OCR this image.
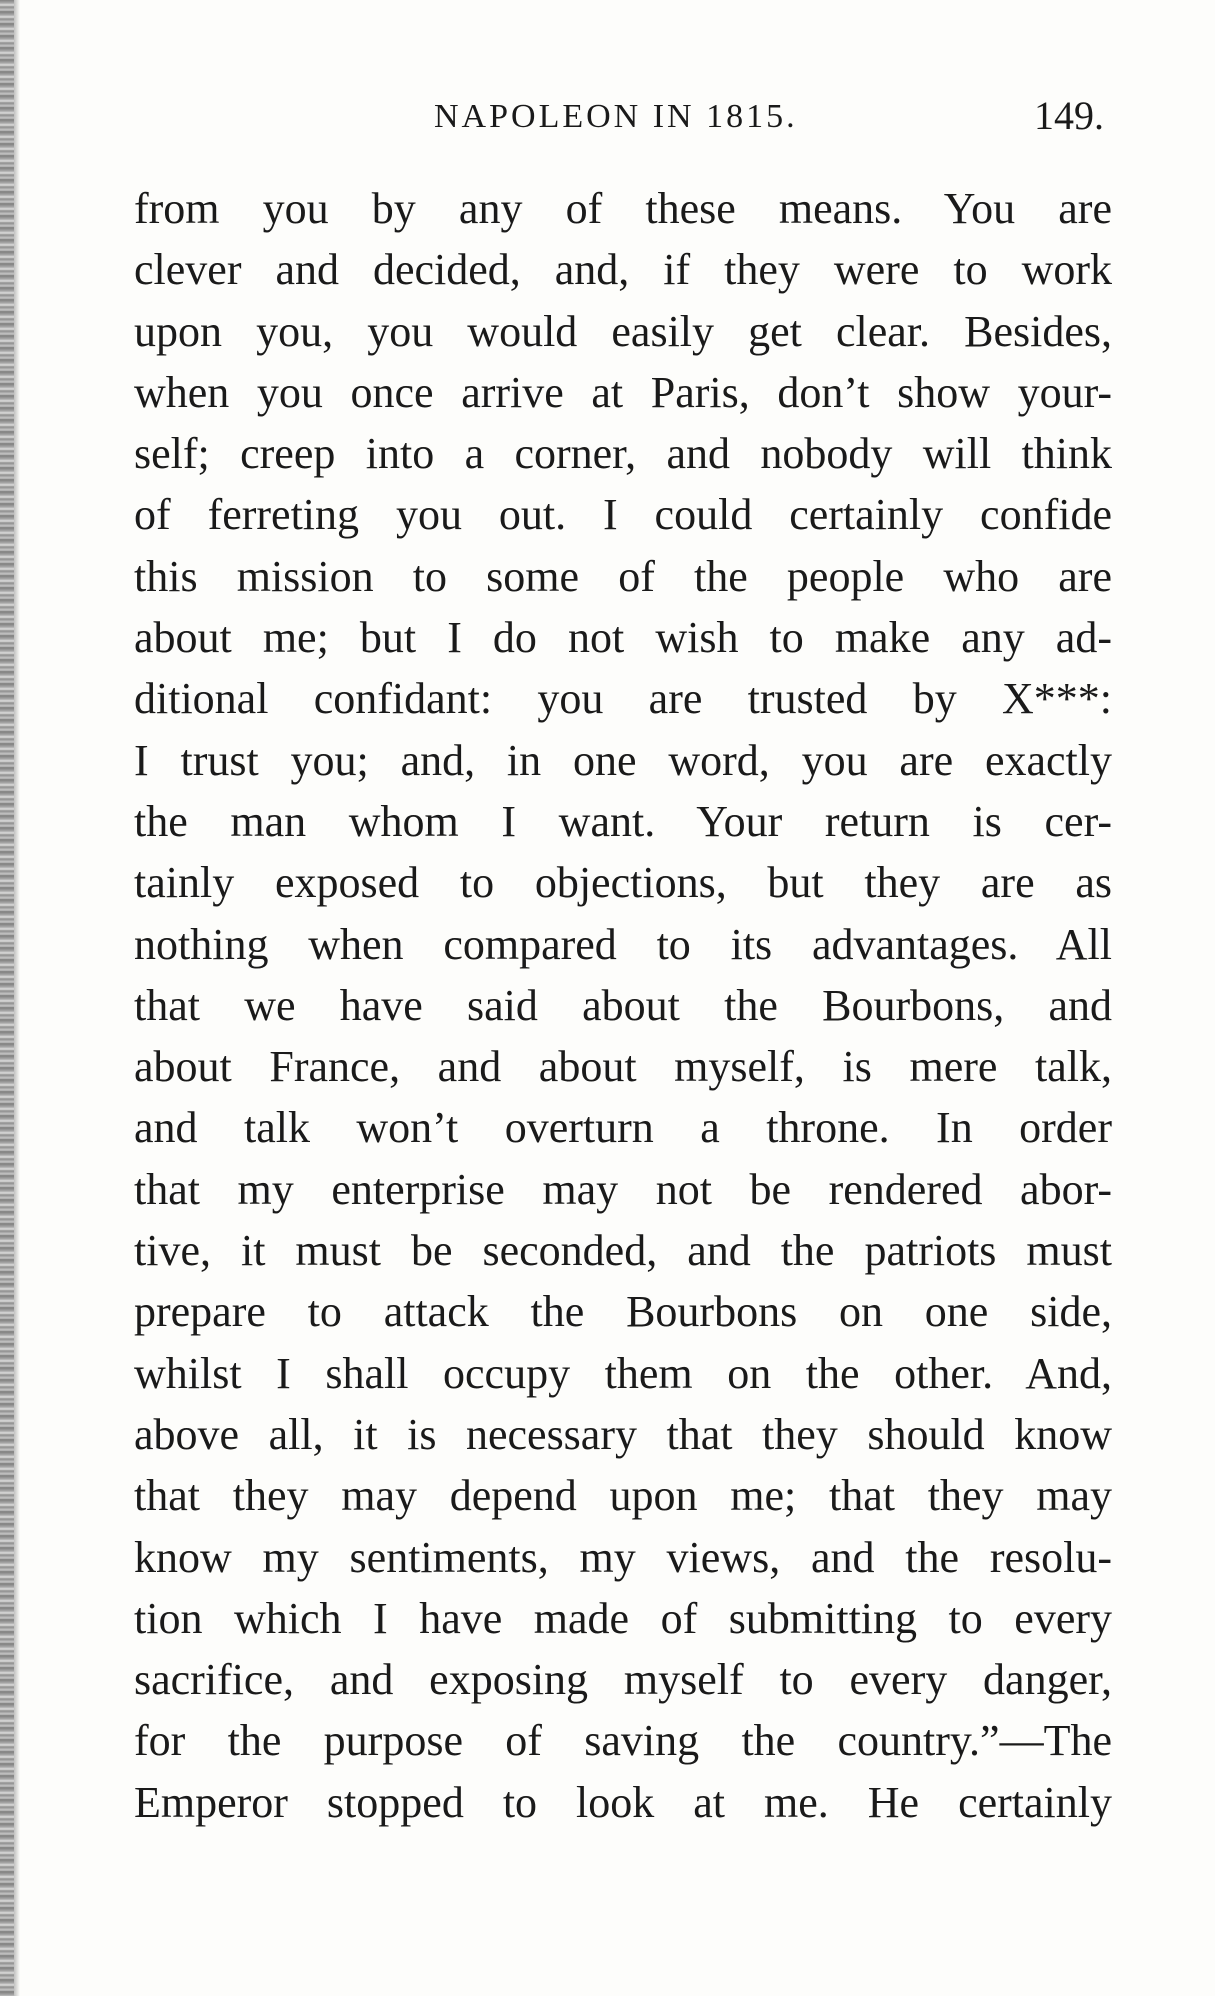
NAPOLEON IN 1815.	149.
from you by any of these means. You are
clever and decided, and, if they were to work
upon you, you would easily get clear. Besides,
when you once arrive at Paris, don’t show your-
self; creep into a corner, and nobody will think
of ferreting you out. I could certainly confide
this mission to some of the people who are
about me; but I do not wish to make any ad-
ditional confidant: you are trusted by X***:
I trust you; and, in one word, you are exactly
the man whom I want. Your return is cer-
tainly exposed to objections, but they are as
nothing when compared to its advantages. All
that we have said about the Bourbons, and
about France, and about myself, is mere talk,
and talk won’t overturn a throne. In order
that my enterprise may not be rendered abor-
tive, it must be seconded, and the patriots must
prepare to attack the Bourbons on one side,
whilst I shall occupy them on the other. And,
above all, it is necessary that they should know
that they may depend upon me; that they may
know my sentiments, my views, and the resolu-
tion which I have made of submitting to every
sacrifice, and exposing myself to every danger,
for the purpose of saving the country.”—The
Emperor stopped to look at me. He certainly
